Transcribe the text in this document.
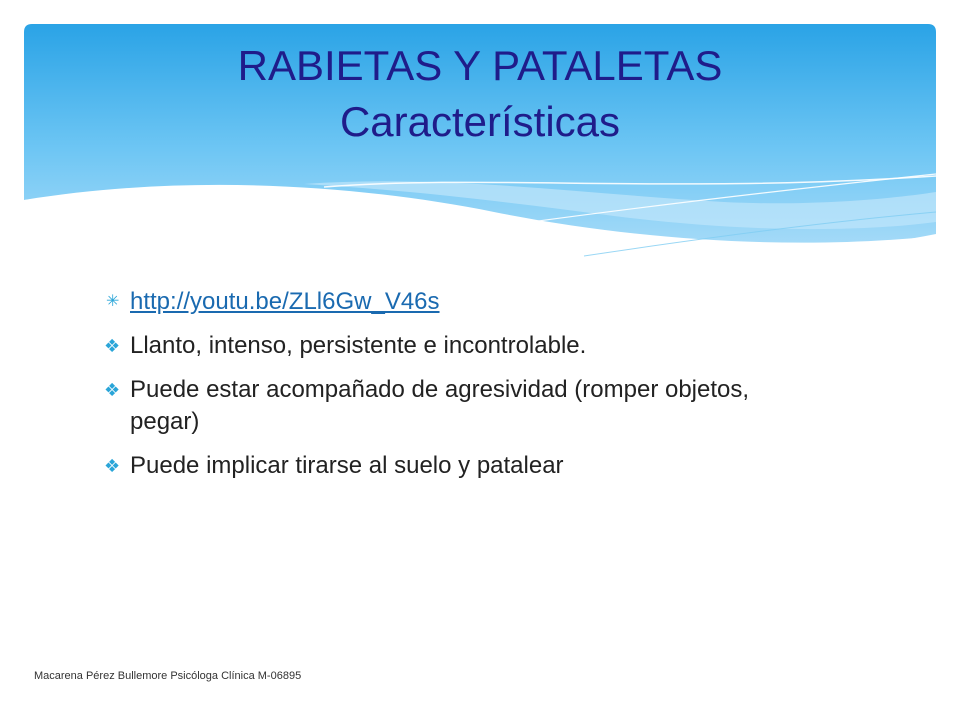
RABIETAS Y PATALETAS
Características
✳ http://youtu.be/ZLl6Gw_V46s
❖ Llanto, intenso, persistente e incontrolable.
❖ Puede estar acompañado de agresividad (romper objetos, pegar)
❖ Puede implicar tirarse al suelo y patalear
Macarena Pérez Bullemore Psicóloga Clínica M-06895
